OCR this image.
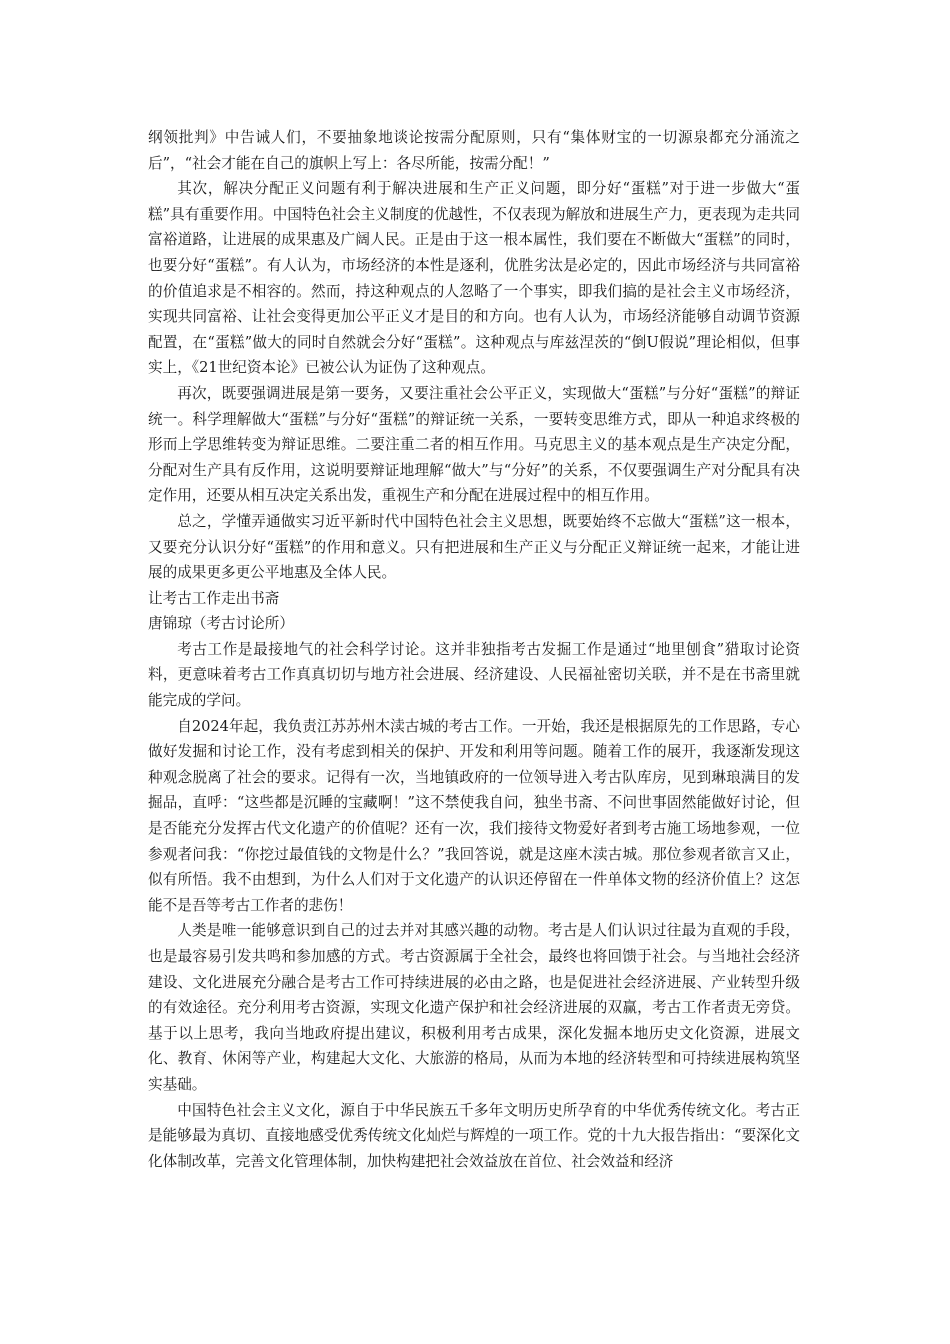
纲领批判》中告诫人们，不要抽象地谈论按需分配原则，只有“集体财宝的一切源泉都充分涌流之后”，“社会才能在自己的旗帜上写上：各尽所能，按需分配！”

其次，解决分配正义问题有利于解决进展和生产正义问题，即分好“蛋糕”对于进一步做大“蛋糕”具有重要作用。中国特色社会主义制度的优越性，不仅表现为解放和进展生产力，更表现为走共同富裕道路，让进展的成果惠及广阔人民。正是由于这一根本属性，我们要在不断做大“蛋糕”的同时，也要分好“蛋糕”。有人认为，市场经济的本性是逐利，优胜劣汰是必定的，因此市场经济与共同富裕的价值追求是不相容的。然而，持这种观点的人忽略了一个事实，即我们搞的是社会主义市场经济，实现共同富裕、让社会变得更加公平正义才是目的和方向。也有人认为，市场经济能够自动调节资源配置，在“蛋糕”做大的同时自然就会分好“蛋糕”。这种观点与库兹涅茨的“倒U假说”理论相似，但事实上，《21世纪资本论》已被公认为证伪了这种观点。

再次，既要强调进展是第一要务，又要注重社会公平正义，实现做大“蛋糕”与分好“蛋糕”的辩证统一。科学理解做大“蛋糕”与分好“蛋糕”的辩证统一关系，一要转变思维方式，即从一种追求终极的形而上学思维转变为辩证思维。二要注重二者的相互作用。马克思主义的基本观点是生产决定分配，分配对生产具有反作用，这说明要辩证地理解“做大”与“分好”的关系，不仅要强调生产对分配具有决定作用，还要从相互决定关系出发，重视生产和分配在进展过程中的相互作用。

总之，学懂弄通做实习近平新时代中国特色社会主义思想，既要始终不忘做大“蛋糕”这一根本，又要充分认识分好“蛋糕”的作用和意义。只有把进展和生产正义与分配正义辩证统一起来，才能让进展的成果更多更公平地惠及全体人民。

让考古工作走出书斋

唐锦琼（考古讨论所）

考古工作是最接地气的社会科学讨论。这并非独指考古发掘工作是通过“地里刨食”猎取讨论资料，更意味着考古工作真真切切与地方社会进展、经济建设、人民福祉密切关联，并不是在书斋里就能完成的学问。

自2024年起，我负责江苏苏州木渎古城的考古工作。一开始，我还是根据原先的工作思路，专心做好发掘和讨论工作，没有考虑到相关的保护、开发和利用等问题。随着工作的展开，我逐渐发现这种观念脱离了社会的要求。记得有一次，当地镇政府的一位领导进入考古队库房，见到琳琅满目的发掘品，直呼：“这些都是沉睡的宝藏啊！”这不禁使我自问，独坐书斋、不问世事固然能做好讨论，但是否能充分发挥古代文化遗产的价值呢？还有一次，我们接待文物爱好者到考古施工场地参观，一位参观者问我：“你挖过最值钱的文物是什么？”我回答说，就是这座木渎古城。那位参观者欲言又止，似有所悟。我不由想到，为什么人们对于文化遗产的认识还停留在一件单体文物的经济价值上？这怎能不是吾等考古工作者的悲伤！

人类是唯一能够意识到自己的过去并对其感兴趣的动物。考古是人们认识过往最为直观的手段，也是最容易引发共鸣和参加感的方式。考古资源属于全社会，最终也将回馈于社会。与当地社会经济建设、文化进展充分融合是考古工作可持续进展的必由之路，也是促进社会经济进展、产业转型升级的有效途径。充分利用考古资源，实现文化遗产保护和社会经济进展的双赢，考古工作者责无旁贷。基于以上思考，我向当地政府提出建议，积极利用考古成果，深化发掘本地历史文化资源，进展文化、教育、休闲等产业，构建起大文化、大旅游的格局，从而为本地的经济转型和可持续进展构筑坚实基础。

中国特色社会主义文化，源自于中华民族五千多年文明历史所孕育的中华优秀传统文化。考古正是能够最为真切、直接地感受优秀传统文化灿烂与辉煌的一项工作。党的十九大报告指出：“要深化文化体制改革，完善文化管理体制，加快构建把社会效益放在首位、社会效益和经济
